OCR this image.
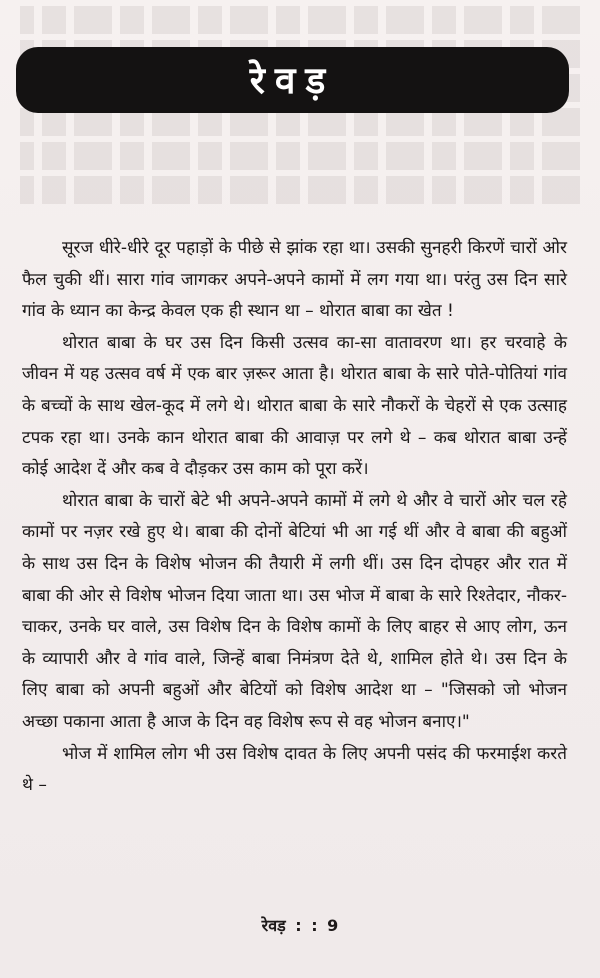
रेवड़

सूरज धीरे-धीरे दूर पहाड़ों के पीछे से झांक रहा था। उसकी सुनहरी किरणें चारों ओर फैल चुकी थीं। सारा गांव जागकर अपने-अपने कामों में लग गया था। परंतु उस दिन सारे गांव के ध्यान का केन्द्र केवल एक ही स्थान था – थोरात बाबा का खेत !

थोरात बाबा के घर उस दिन किसी उत्सव का-सा वातावरण था। हर चरवाहे के जीवन में यह उत्सव वर्ष में एक बार ज़रूर आता है। थोरात बाबा के सारे पोते-पोतियां गांव के बच्चों के साथ खेल-कूद में लगे थे। थोरात बाबा के सारे नौकरों के चेहरों से एक उत्साह टपक रहा था। उनके कान थोरात बाबा की आवाज़ पर लगे थे – कब थोरात बाबा उन्हें कोई आदेश दें और कब वे दौड़कर उस काम को पूरा करें।

थोरात बाबा के चारों बेटे भी अपने-अपने कामों में लगे थे और वे चारों ओर चल रहे कामों पर नज़र रखे हुए थे। बाबा की दोनों बेटियां भी आ गई थीं और वे बाबा की बहुओं के साथ उस दिन के विशेष भोजन की तैयारी में लगी थीं। उस दिन दोपहर और रात में बाबा की ओर से विशेष भोजन दिया जाता था। उस भोज में बाबा के सारे रिश्तेदार, नौकर-चाकर, उनके घर वाले, उस विशेष दिन के विशेष कामों के लिए बाहर से आए लोग, ऊन के व्यापारी और वे गांव वाले, जिन्हें बाबा निमंत्रण देते थे, शामिल होते थे। उस दिन के लिए बाबा को अपनी बहुओं और बेटियों को विशेष आदेश था – "जिसको जो भोजन अच्छा पकाना आता है आज के दिन वह विशेष रूप से वह भोजन बनाए।"

भोज में शामिल लोग भी उस विशेष दावत के लिए अपनी पसंद की फरमाईश करते थे –

रेवड़ : : 9
